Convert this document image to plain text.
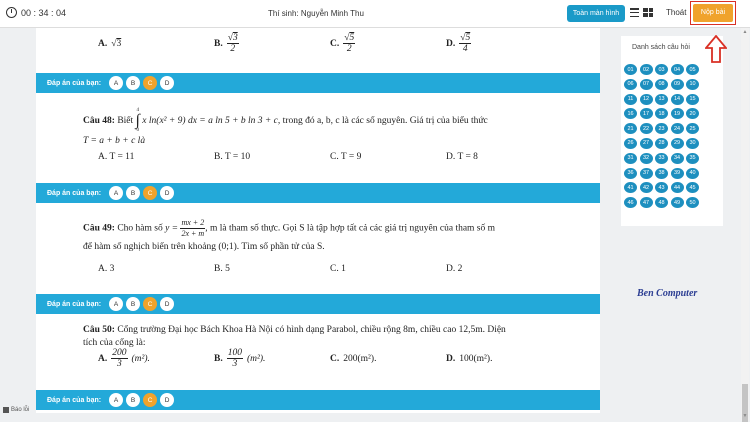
00 : 34 : 04	Thí sinh: Nguyễn Minh Thu	Toàn màn hình	Thoát	Nộp bài
A. √3	B. $\frac{√3}{2}$	C. $\frac{√5}{2}$	D. $\frac{√5}{4}$
Đáp án của bạn:	A	B	C	D
Câu 48: Biết
4
∫
0
x ln(x² + 9) dx = a ln 5 + b ln 3 + c, trong đó a, b, c là các số nguyên. Giá trị của biểu thức
T = a + b + c là
A. T = 11	B. T = 10	C. T = 9	D. T = 8
Đáp án của bạn:	A	B	C	D
Câu 49: Cho hàm số $y = \frac{mx + 2}{2x + m}$ , m là tham số thực. Gọi S là tập hợp tất cả các giá trị nguyên của tham số m
để hàm số nghịch biến trên khoảng (0;1). Tìm số phần tử của S.
A. 3	B. 5	C. 1	D. 2
Đáp án của bạn:	A	B	C	D
Câu 50: Cổng trường Đại học Bách Khoa Hà Nội có hình dạng Parabol, chiều rộng 8m, chiều cao 12,5m. Diện
tích của cổng là:
A. $\frac{200}{3} (m^2)$.	B. $\frac{100}{3} (m^2)$.	C. 200(m²).	D. 100(m²).
Đáp án của bạn:	A	B	C	D
Danh sách câu hỏi
01	02	03	04	05
06	07	08	09	10
11	12	13	14	15
16	17	18	19	20
21	22	23	24	25
26	27	28	29	30
31	32	33	34	35
36	37	38	39	40
41	42	43	44	45
46	47	48	49	50
Ben Computer
Báo lỗi
▲
▼
